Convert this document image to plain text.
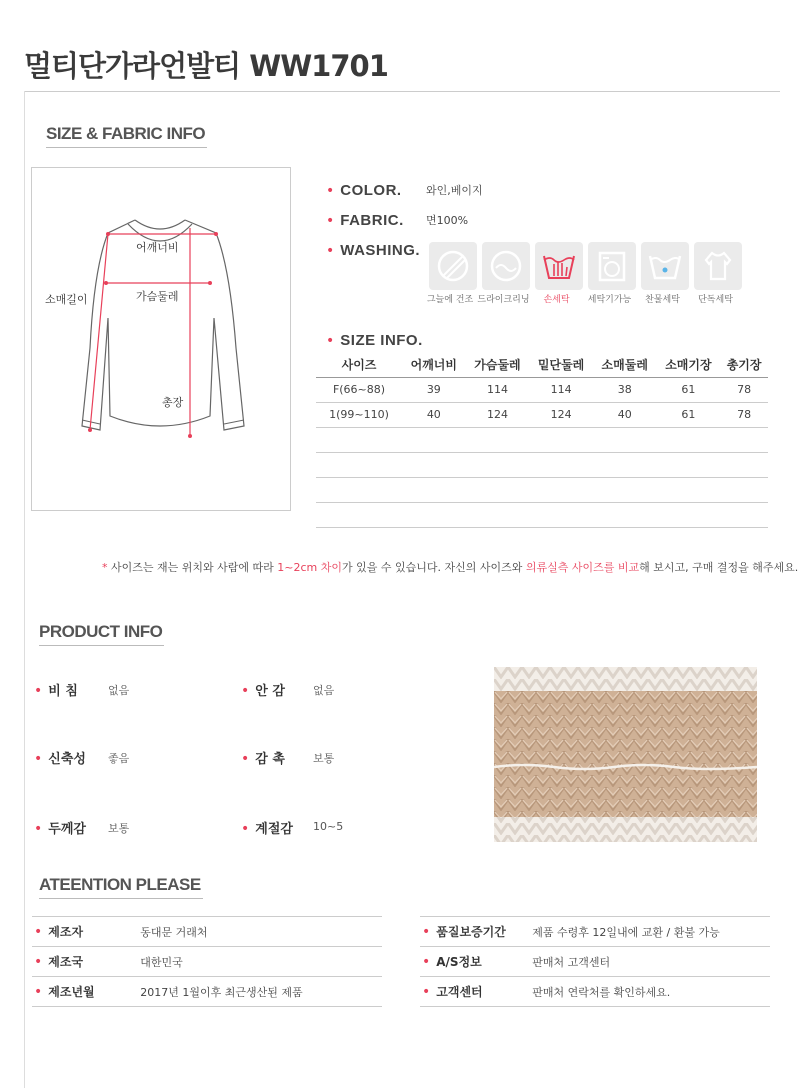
멀티단가라언발티 WW1701
SIZE & FABRIC INFO
어깨너비
가슴둘레
소매길이
총장
• COLOR. 와인,베이지
• FABRIC. 면100%
• WASHING.
그늘에 건조 드라이크리닝	손세탁	세탁기가능	찬물세탁	단독세탁
• SIZE INFO.
사이즈	어깨너비	가슴둘레	밑단둘레	소매둘레	소매기장	총기장
F(66~88)	39	114	114	38	61	78
1(99~110)	40	124	124	40	61	78

* 사이즈는 재는 위치와 사람에 따라 1~2cm 차이가 있을 수 있습니다. 자신의 사이즈와 의류실측 사이즈를 비교해 보시고, 구매 결정을 해주세요.
PRODUCT INFO
• 비 침	없음	• 안 감	없음
• 신축성 좋음	• 감 촉	보통
• 두께감 보통	• 계절감 10~5
ATEENTION PLEASE
• 제조자	동대문 거래처
• 제조국	대한민국
• 제조년월	2017년 1월이후 최근생산된 제품
• 품질보증기간	제품 수령후 12일내에 교환 / 환불 가능
• A/S정보	판매처 고객센터
• 고객센터	판매처 연락처를 확인하세요.
